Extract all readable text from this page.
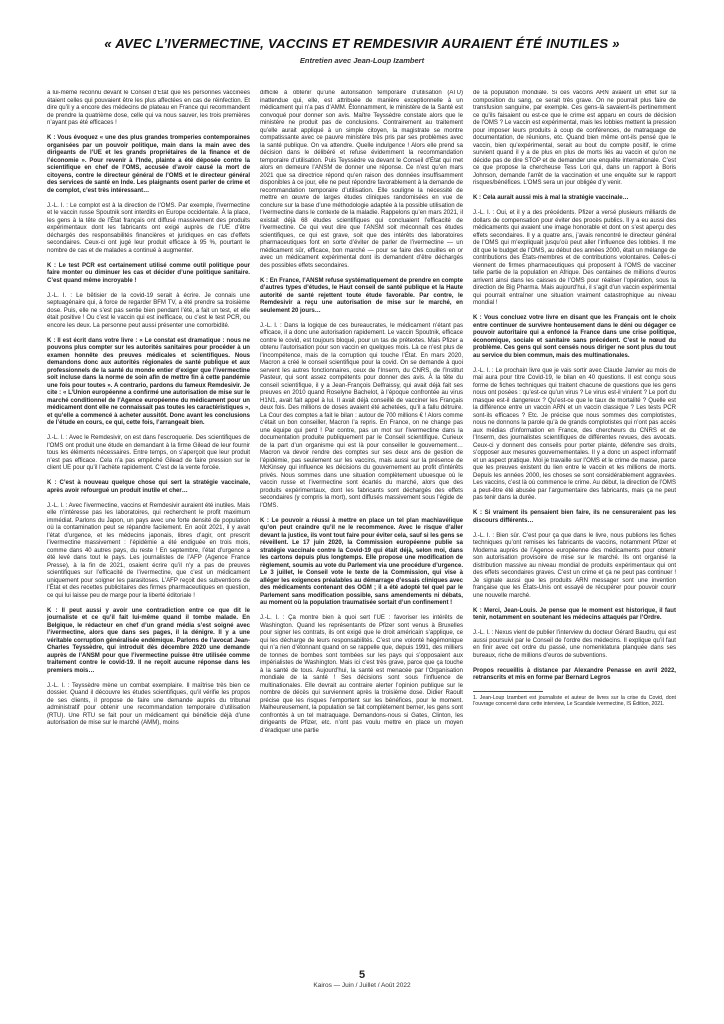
« AVEC L’IVERMECTINE, VACCINS ET REMDESIVIR AURAIENT ÉTÉ INUTILES »
Entretien avec Jean-Loup Izambert

a lui-même reconnu devant le Conseil d’État que les personnes vaccinées étaient celles qui pouvaient être les plus affectées en cas de réinfection. Et dire qu’il y a encore des médecins de plateau en France qui recommandent de prendre la quatrième dose, celle qui va nous sauver, les trois premières n’ayant pas été efficaces !

K : Vous évoquez « une des plus grandes tromperies contemporaines organisées par un pouvoir politique, main dans la main avec des dirigeants de l’UE et les grands propriétaires de la finance et de l’économie ». Pour revenir à l’Inde, plainte a été déposée contre la scientifique en chef de l’OMS, accusée d’avoir causé la mort de citoyens, contre le directeur général de l’OMS et le directeur général des services de santé en Inde. Les plaignants osent parler de crime et de complot, c’est très intéressant…

J.-L. I. : Le complot est à la direction de l’OMS. Par exemple, l’ivermectine et le vaccin russe Spoutnik sont interdits en Europe occidentale. À la place, les gens à la tête de l’État français ont diffusé massivement des produits expérimentaux dont les fabricants ont exigé auprès de l’UE d’être déchargés des responsabilités financières et juridiques en cas d’effets secondaires. Ceux-ci ont jugé leur produit efficace à 95 %, pourtant le nombre de cas et de malades a continué à augmenter.

K : Le test PCR est certainement utilisé comme outil politique pour faire monter ou diminuer les cas et décider d’une politique sanitaire. C’est quand même incroyable !

J.-L. I. : Le bêtisier de la covid-19 serait à écrire. Je connais une septuagénaire qui, à force de regarder BFM TV, a été prendre sa troisième dose. Puis, elle ne s’est pas sentie bien pendant l’été, a fait un test, et elle était positive ! Ou c’est le vaccin qui est inefficace, ou c’est le test PCR, ou encore les deux. La personne peut aussi présenter une comorbidité.

K : Il est écrit dans votre livre : « Le constat est dramatique : nous ne pouvons plus compter sur les autorités sanitaires pour procéder à un examen honnête des preuves médicales et scientifiques. Nous demandons donc aux autorités régionales de santé publique et aux professionnels de la santé du monde entier d’exiger que l’ivermectine soit incluse dans la norme de soin afin de mettre fin à cette pandémie une fois pour toutes ». A contrario, pardons du fameux Remdesivir. Je cite : « L’Union européenne a confirmé une autorisation de mise sur le marché conditionnel de l’Agence européenne du médicament pour un médicament dont elle ne connaissait pas toutes les caractéristiques », et qu’elle a commencé à acheter aussitôt. Donc avant les conclusions de l’étude en cours, ce qui, cette fois, l’arrangeait bien.

J.-L. I. : Avec le Remdesivir, on est dans l’escroquerie. Des scientifiques de l’OMS ont produit une étude en demandant à la firme Gilead de leur fournir tous les éléments nécessaires. Entre temps, on s’aperçoit que leur produit n’est pas efficace. Cela n’a pas empêché Gilead de faire pression sur le client UE pour qu’il l’achète rapidement. C’est de la vente forcée.

K : C’est à nouveau quelque chose qui sert la stratégie vaccinale, après avoir refourgué un produit inutile et cher…

J.-L. I. : Avec l’ivermectine, vaccins et Remdesivir auraient été inutiles. Mais elle n’intéresse pas les laboratoires, qui recherchent le profit maximum immédiat. Parlons du Japon, un pays avec une forte densité de population où la contamination peut se répandre facilement. En août 2021, il y avait l’état d’urgence, et les médecins japonais, libres d’agir, ont prescrit l’ivermectine massivement : l’épidémie a été endiguée en trois mois, comme dans 40 autres pays, du reste ! En septembre, l’état d’urgence a été levé dans tout le pays. Les journalistes de l’AFP (Agence France Presse), à la fin de 2021, osaient écrire qu’il n’y a pas de preuves scientifiques sur l’efficacité de l’ivermectine, que c’est un médicament uniquement pour soigner les parasitoses. L’AFP reçoit des subventions de l’État et des recettes publicitaires des firmes pharmaceutiques en question, ce qui lui laisse peu de marge pour la liberté éditoriale !

K : Il peut aussi y avoir une contradiction entre ce que dit le journaliste et ce qu’il fait lui-même quand il tombe malade. En Belgique, le rédacteur en chef d’un grand média s’est soigné avec l’ivermectine, alors que dans ses pages, il la dénigre. Il y a une véritable corruption généralisée endémique. Parlons de l’avocat Jean-Charles Teyssèdre, qui introduit dès décembre 2020 une demande auprès de l’ANSM pour que l’ivermectine puisse être utilisée comme traitement contre le covid-19. Il ne reçoit aucune réponse dans les premiers mois…

J.-L. I. : Teyssèdre mène un combat exemplaire. Il maîtrise très bien ce dossier. Quand il découvre les études scientifiques, qu’il vérifie les propos de ses clients, il propose de faire une demande auprès du tribunal administratif pour obtenir une recommandation temporaire d’utilisation (RTU). Une RTU se fait pour un médicament qui bénéficie déjà d’une autorisation de mise sur le marché (AMM), moins

difficile à obtenir qu’une autorisation temporaire d’utilisation (ATU) inattendue qui, elle, est attribuée de manière exceptionnelle à un médicament qui n’a pas d’AMM. Étonnamment, le ministère de la Santé est convoqué pour donner son avis. Maître Teyssèdre constate alors que le ministère ne produit pas de conclusions. Contrairement au traitement qu’elle aurait appliqué à un simple citoyen, la magistrate se montre compatissante avec ce pauvre ministère très pris par ses problèmes avec la santé publique. On va attendre. Quelle indulgence ! Alors elle prend sa décision dans le délibéré et refuse évidemment la recommandation temporaire d’utilisation. Puis Teyssèdre va devant le Conseil d’État qui met alors en demeure l’ANSM de donner une réponse. Ce n’est qu’en mars 2021 que sa directrice répond qu’en raison des données insuffisamment disponibles à ce jour, elle ne peut répondre favorablement à la demande de recommandation temporaire d’utilisation. Elle souligne la nécessité de mettre en œuvre de larges études cliniques randomisées en vue de conclure sur la base d’une méthodologie adaptée à la possible utilisation de l’ivermectine dans le contexte de la maladie. Rappelons qu’en mars 2021, il existait déjà 68 études scientifiques qui concluaient l’efficacité de l’ivermectine. Ce qui veut dire que l’ANSM soit méconnaît ces études scientifiques, ce qui est grave, soit que des intérêts des laboratoires pharmaceutiques font en sorte d’éviter de parler de l’ivermectine — un médicament sûr, efficace, bon marché — pour se faire des couilles en or avec un médicament expérimental dont ils demandent d’être déchargés des possibles effets secondaires.

K : En France, l’ANSM refuse systématiquement de prendre en compte d’autres types d’études, le Haut conseil de santé publique et la Haute autorité de santé rejettent toute étude favorable. Par contre, le Remdesivir a reçu une autorisation de mise sur le marché, en seulement 20 jours…

J.-L. I. : Dans la logique de ces bureaucrates, le médicament n’étant pas efficace, il a donc une autorisation rapidement. Le vaccin Spoutnik, efficace contre le covid, est toujours bloqué, pour un tas de prétextes. Mais Pfizer a obtenu l’autorisation pour son vaccin en quelques mois. Là ce n’est plus de l’incompétence, mais de la corruption qui touche l’État. En mars 2020, Macron a créé le conseil scientifique pour la covid. On se demande à quoi servent les autres fonctionnaires, ceux de l’Inserm, du CNRS, de l’Institut Pasteur, qui sont assez compétents pour donner des avis. À la tête du conseil scientifique, il y a Jean-François Delfraissy, qui avait déjà fait ses preuves en 2010 quand Roselyne Bachelot, à l’époque confrontée au virus H1N1, avait fait appel à lui. Il avait déjà conseillé de vacciner les Français deux fois. Des millions de doses avaient été achetées, qu’il a fallu détruire. La Cour des comptes a fait le bilan : autour de 700 millions € ! Alors comme c’était un bon conseiller, Macron l’a repris. En France, on ne change pas une équipe qui perd ! Par contre, pas un mot sur l’ivermectine dans la documentation produite publiquement par le Conseil scientifique. Curieux de la part d’un organisme qui est là pour conseiller le gouvernement… Macron va devoir rendre des comptes sur ses deux ans de gestion de l’épidémie, pas seulement sur les vaccins, mais aussi sur la présence de McKinsey qui influence les décisions du gouvernement au profit d’intérêts privés. Nous sommes dans une situation complètement ubuesque où le vaccin russe et l’ivermectine sont écartés du marché, alors que des produits expérimentaux, dont les fabricants sont déchargés des effets secondaires (y compris la mort), sont diffusés massivement sous l’égide de l’OMS.

K : Le pouvoir a réussi à mettre en place un tel plan machiavélique qu’on peut craindre qu’il ne le recommence. Avec le risque d’aller devant la justice, ils vont tout faire pour éviter cela, sauf si les gens se réveillent. Le 17 juin 2020, la Commission européenne publie sa stratégie vaccinale contre la Covid-19 qui était déjà, selon moi, dans les cartons depuis plus longtemps. Elle propose une modification de règlement, soumis au vote du Parlement via une procédure d’urgence. Le 3 juillet, le Conseil vote le texte de la Commission, qui vise à alléger les exigences préalables au démarrage d’essais cliniques avec des médicaments contenant des OGM ; il a été adopté tel quel par le Parlement sans modification possible, sans amendements ni débats, au moment où la population traumatisée sortait d’un confinement !

J.-L. I. : Ça montre bien à quoi sert l’UE : favoriser les intérêts de Washington. Quand les représentants de Pfizer sont venus à Bruxelles pour signer les contrats, ils ont exigé que le droit américain s’applique, ce qui les décharge de leurs responsabilités. C’est une volonté hégémonique qui n’a rien d’étonnant quand on se rappelle que, depuis 1991, des milliers de tonnes de bombes sont tombées sur les pays qui s’opposaient aux impérialistes de Washington. Mais ici c’est très grave, parce que ça touche à la santé de tous. Aujourd’hui, la santé est menacée par l’Organisation mondiale de la santé ! Ses décisions sont sous l’influence de multinationales. Elle devrait au contraire alerter l’opinion publique sur le nombre de décès qui surviennent après la troisième dose. Didier Raoult précise que les risques l’emportent sur les bénéfices, pour le moment. Malheureusement, la population se fait complètement berner, les gens sont confrontés à un tel matraquage. Demandons-nous si Gates, Clinton, les dirigeants de Pfizer, etc. n’ont pas voulu mettre en place un moyen d’éradiquer une partie

de la population mondiale. Si ces vaccins ARN avaient un effet sur la composition du sang, ce serait très grave. On ne pourrait plus faire de transfusion sanguine, par exemple. Ces gens-là savaient-ils pertinemment ce qu’ils faisaient ou est-ce que le crime est apparu en cours de décision de l’OMS ? Le vaccin est expérimental, mais les lobbies mettent la pression pour imposer leurs produits à coup de conférences, de matraquage de documentation, de réunions, etc. Quand bien même ont-ils pensé que le vaccin, bien qu’expérimental, serait au bout du compte positif, le crime survient quand il y a de plus en plus de morts liés au vaccin et qu’on ne décide pas de dire STOP et de demander une enquête internationale. C’est ce que propose la chercheuse Tess Lori qui, dans un rapport à Boris Johnson, demande l’arrêt de la vaccination et une enquête sur le rapport risques/bénéfices. L’OMS sera un jour obligée d’y venir.

K : Cela aurait aussi mis à mal la stratégie vaccinale…

J.-L. I. : Oui, et il y a des précédents. Pfizer a versé plusieurs milliards de dollars de compensation pour éviter des procès publics. Il y a eu aussi des médicaments qui avaient une image honorable et dont on s’est aperçu des effets secondaires. Il y a quatre ans, j’avais rencontré le directeur général de l’OMS qui m’expliquait jusqu’où peut aller l’influence des lobbies. Il me dit que le budget de l’OMS, au début des années 2000, était un mélange de contributions des États-membres et de contributions volontaires. Celles-ci viennent de firmes pharmaceutiques qui proposent à l’OMS de vacciner telle partie de la population en Afrique. Des centaines de millions d’euros arrivent ainsi dans les caisses de l’OMS pour réaliser l’opération, sous la direction de Big Pharma. Mais aujourd’hui, il s’agit d’un vaccin expérimental qui pourrait entraîner une situation vraiment catastrophique au niveau mondial !

K : Vous concluez votre livre en disant que les Français ont le choix entre continuer de survivre honteusement dans le déni ou dégager ce pouvoir autoritaire qui a enfoncé la France dans une crise politique, économique, sociale et sanitaire sans précédent. C’est le nœud du problème. Ces gens qui sont censés nous diriger ne sont plus du tout au service du bien commun, mais des multinationales.

J.-L. I. : Le prochain livre que je vais sortir avec Claude Janvier au mois de mai aura pour titre Covid-19, le bilan en 40 questions. Il est conçu sous forme de fiches techniques qui traitent chacune de questions que les gens nous ont posées : qu’est-ce qu’un virus ? Le virus est-il virulent ? Le port du masque est-il dangereux ? Qu’est-ce que le taux de mortalité ? Quelle est la différence entre un vaccin ARN et un vaccin classique ? Les tests PCR sont-ils efficaces ? Etc. Je précise que nous sommes des complotistes, nous ne donnons la parole qu’à de grands complotistes qui n’ont pas accès aux médias d’information en France, des chercheurs du CNRS et de l’Inserm, des journalistes scientifiques de différentes revues, des avocats. Ceux-ci y donnent des conseils pour porter plainte, défendre ses droits, s’opposer aux mesures gouvernementales. Il y a donc un aspect informatif et un aspect pratique. Moi je travaille sur l’OMS et le crime de masse, parce que les preuves existent du lien entre le vaccin et les millions de morts. Depuis les années 2000, les choses se sont considérablement aggravées. Les vaccins, c’est là où commence le crime. Au début, la direction de l’OMS a peut-être été abusée par l’argumentaire des fabricants, mais ça ne peut pas tenir dans la durée.

K : Si vraiment ils pensaient bien faire, ils ne censureraient pas les discours différents…

J.-L. I. : Bien sûr. C’est pour ça que dans le livre, nous publions les fiches techniques qu’ont remises les fabricants de vaccins, notamment Pfizer et Moderna auprès de l’Agence européenne des médicaments pour obtenir son autorisation provisoire de mise sur le marché. Ils ont organisé la distribution massive au niveau mondial de produits expérimentaux qui ont des effets secondaires graves. C’est un crime et ça ne peut pas continuer ! Je signale aussi que les produits ARN messager sont une invention française que les États-Unis ont essayé de récupérer pour pouvoir courir une nouvelle marché.

K : Merci, Jean-Louis. Je pense que le moment est historique, il faut tenir, notamment en soutenant les médecins attaqués par l’Ordre.

J.-L. I. : Nexus vient de publier l’interview du docteur Gérard Baudru, qui est aussi poursuivi par le Conseil de l’ordre des médecins. Il explique qu’il faut en finir avec cet ordre du passé, une nomenklatura planquée dans ses bureaux, riche de millions d’euros de subventions.

Propos recueillis à distance par Alexandre Penasse en avril 2022, retranscrits et mis en forme par Bernard Legros

1. Jean-Loup Izambert est journaliste et auteur de livres sur la crise du Covid, dont l’ouvrage concerné dans cette interview, Le Scandale ivermectine, IS Édition, 2021.

5
Kairos — Juin / Juillet / Août 2022
